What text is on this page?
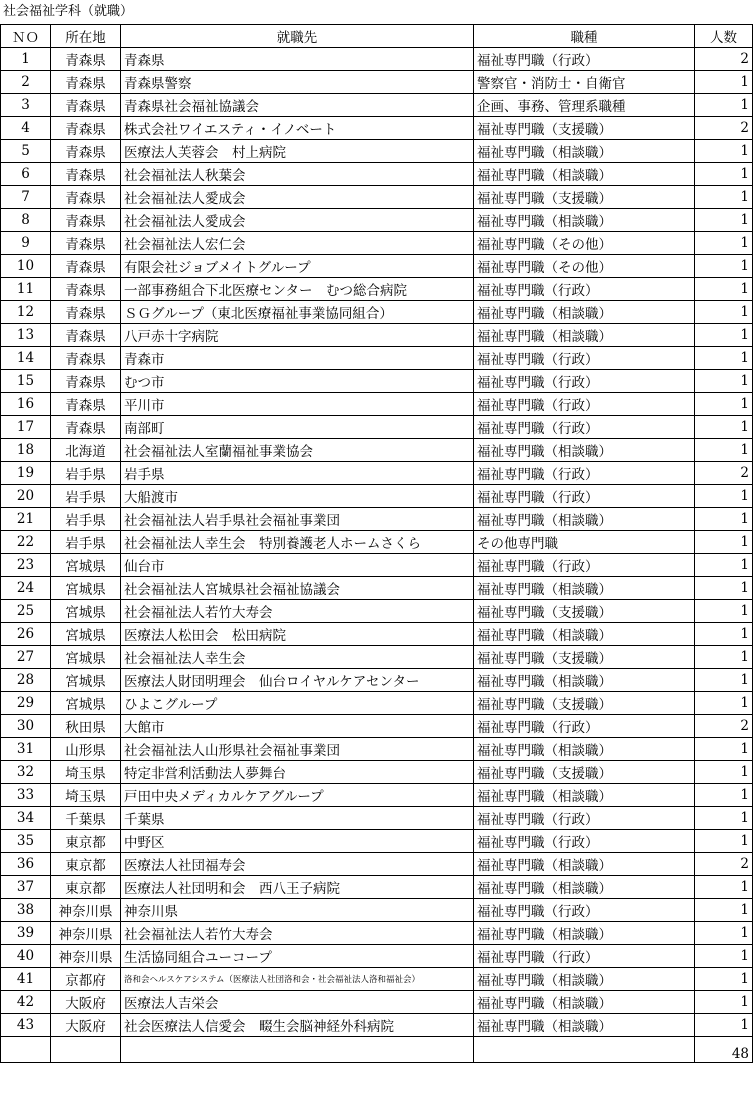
社会福祉学科（就職）
ＮＯ	所在地	就職先	職種	人数
1	青森県	青森県	福祉専門職（行政）	2
2	青森県	青森県警察	警察官・消防士・自衛官	1
3	青森県	青森県社会福祉協議会	企画、事務、管理系職種	1
4	青森県	株式会社ワイエスティ・イノベート	福祉専門職（支援職）	2
5	青森県	医療法人芙蓉会　村上病院	福祉専門職（相談職）	1
6	青森県	社会福祉法人秋葉会	福祉専門職（相談職）	1
7	青森県	社会福祉法人愛成会	福祉専門職（支援職）	1
8	青森県	社会福祉法人愛成会	福祉専門職（相談職）	1
9	青森県	社会福祉法人宏仁会	福祉専門職（その他）	1
10	青森県	有限会社ジョブメイトグループ	福祉専門職（その他）	1
11	青森県	一部事務組合下北医療センター　むつ総合病院	福祉専門職（行政）	1
12	青森県	ＳＧグループ（東北医療福祉事業協同組合）	福祉専門職（相談職）	1
13	青森県	八戸赤十字病院	福祉専門職（相談職）	1
14	青森県	青森市	福祉専門職（行政）	1
15	青森県	むつ市	福祉専門職（行政）	1
16	青森県	平川市	福祉専門職（行政）	1
17	青森県	南部町	福祉専門職（行政）	1
18	北海道	社会福祉法人室蘭福祉事業協会	福祉専門職（相談職）	1
19	岩手県	岩手県	福祉専門職（行政）	2
20	岩手県	大船渡市	福祉専門職（行政）	1
21	岩手県	社会福祉法人岩手県社会福祉事業団	福祉専門職（相談職）	1
22	岩手県	社会福祉法人幸生会　特別養護老人ホームさくら	その他専門職	1
23	宮城県	仙台市	福祉専門職（行政）	1
24	宮城県	社会福祉法人宮城県社会福祉協議会	福祉専門職（相談職）	1
25	宮城県	社会福祉法人若竹大寿会	福祉専門職（支援職）	1
26	宮城県	医療法人松田会　松田病院	福祉専門職（相談職）	1
27	宮城県	社会福祉法人幸生会	福祉専門職（支援職）	1
28	宮城県	医療法人財団明理会　仙台ロイヤルケアセンター	福祉専門職（相談職）	1
29	宮城県	ひよこグループ	福祉専門職（支援職）	1
30	秋田県	大館市	福祉専門職（行政）	2
31	山形県	社会福祉法人山形県社会福祉事業団	福祉専門職（相談職）	1
32	埼玉県	特定非営利活動法人夢舞台	福祉専門職（支援職）	1
33	埼玉県	戸田中央メディカルケアグループ	福祉専門職（相談職）	1
34	千葉県	千葉県	福祉専門職（行政）	1
35	東京都	中野区	福祉専門職（行政）	1
36	東京都	医療法人社団福寿会	福祉専門職（相談職）	2
37	東京都	医療法人社団明和会　西八王子病院	福祉専門職（相談職）	1
38	神奈川県	神奈川県	福祉専門職（行政）	1
39	神奈川県	社会福祉法人若竹大寿会	福祉専門職（相談職）	1
40	神奈川県	生活協同組合ユーコープ	福祉専門職（行政）	1
41	京都府	洛和会ヘルスケアシステム（医療法人社団洛和会・社会福祉法人洛和福祉会）	福祉専門職（相談職）	1
42	大阪府	医療法人吉栄会	福祉専門職（相談職）	1
43	大阪府	社会医療法人信愛会　畷生会脳神経外科病院	福祉専門職（相談職）	1
				48
